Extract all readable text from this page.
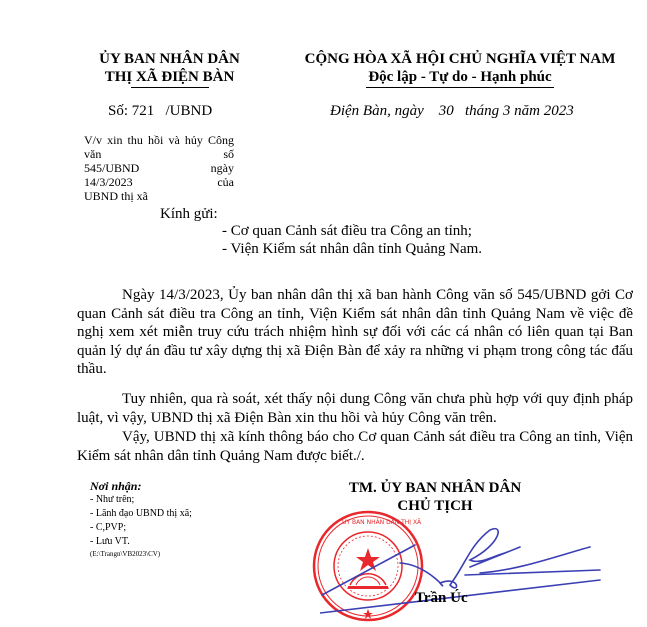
ỦY BAN NHÂN DÂN
THỊ XÃ ĐIỆN BÀN
CỘNG HÒA XÃ HỘI CHỦ NGHĨA VIỆT NAM
Độc lập - Tự do - Hạnh phúc
Số: 721   /UBND	Điện Bàn, ngày    30   tháng 3 năm 2023
V/v xin thu hồi và hủy Công văn số
545/UBND ngày 14/3/2023 của
UBND thị xã
Kính gửi:
- Cơ quan Cảnh sát điều tra Công an tỉnh;
- Viện Kiểm sát nhân dân tỉnh Quảng Nam.
Ngày 14/3/2023, Ủy ban nhân dân thị xã ban hành Công văn số 545/UBND gởi Cơ quan Cảnh sát điều tra Công an tỉnh, Viện Kiểm sát nhân dân tỉnh Quảng Nam về việc đề nghị xem xét miễn truy cứu trách nhiệm hình sự đối với các cá nhân có liên quan tại Ban quản lý dự án đầu tư xây dựng thị xã Điện Bàn để xảy ra những vi phạm trong công tác đấu thầu.
Tuy nhiên, qua rà soát, xét thấy nội dung Công văn chưa phù hợp với quy định pháp luật, vì vậy, UBND thị xã Điện Bàn xin thu hồi và hủy Công văn trên.
Vậy, UBND thị xã kính thông báo cho Cơ quan Cảnh sát điều tra Công an tỉnh, Viện Kiểm sát nhân dân tỉnh Quảng Nam được biết./.
Nơi nhận:
- Như trên;
- Lãnh đạo UBND thị xã;
- C,PVP;
- Lưu VT.
(E:\Trangn\VB2023\CV)
TM. ỦY BAN NHÂN DÂN
CHỦ TỊCH
ỦY BAN NHÂN DÂN THỊ XÃ
Trần Úc
